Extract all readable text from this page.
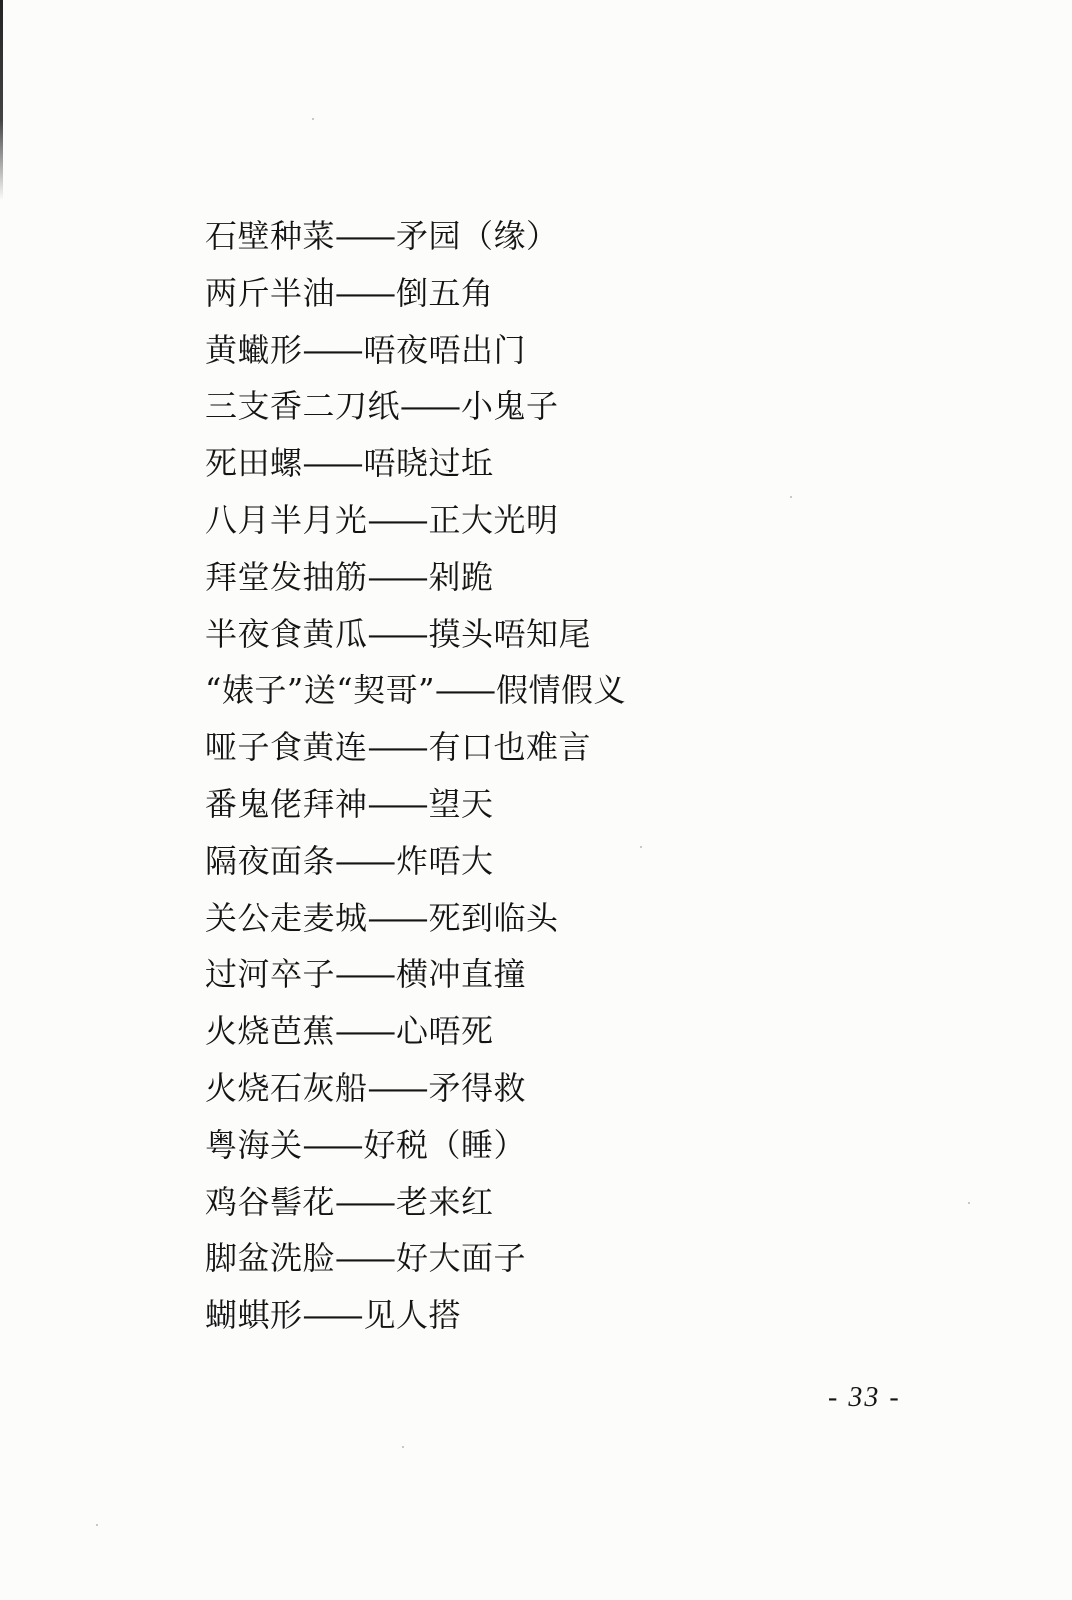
石壁种菜——矛园（缘）
两斤半油——倒五角
黄蠘形——唔夜唔出门
三支香二刀纸——小鬼子
死田螺——唔晓过坵
八月半月光——正大光明
拜堂发抽筋——剁跪
半夜食黄瓜——摸头唔知尾
“婊子”送“契哥”——假情假义
哑子食黄连——有口也难言
番鬼佬拜神——望天
隔夜面条——炸唔大
关公走麦城——死到临头
过河卒子——横冲直撞
火烧芭蕉——心唔死
火烧石灰船——矛得救
粤海关——好税（睡）
鸡谷髻花——老来红
脚盆洗脸——好大面子
蝴蜞形——见人搭
- 33 -
